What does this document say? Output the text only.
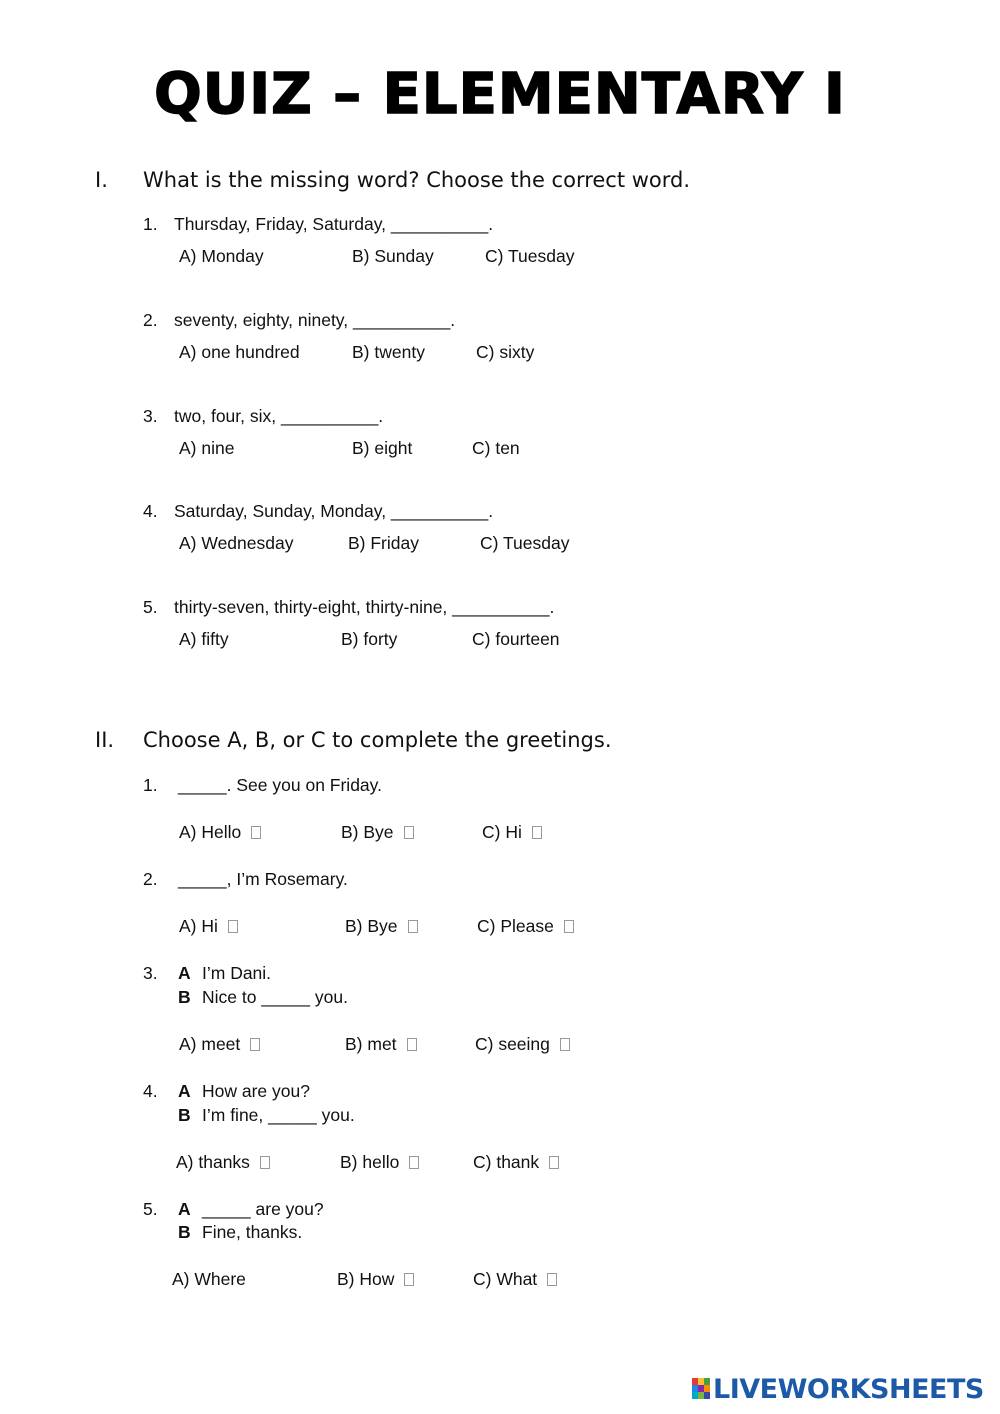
QUIZ – ELEMENTARY I
I.	What is the missing word? Choose the correct word.
1. Thursday, Friday, Saturday, __________.
A) Monday	B) Sunday	C) Tuesday
2. seventy, eighty, ninety, __________.
A) one hundred	B) twenty	C) sixty
3. two, four, six, __________.
A) nine	B) eight	C) ten
4. Saturday, Sunday, Monday, __________.
A) Wednesday	B) Friday	C) Tuesday
5. thirty-seven, thirty-eight, thirty-nine, __________.
A) fifty	B) forty	C) fourteen
II.	Choose A, B, or C to complete the greetings.
1. _____. See you on Friday.
A) Hello	B) Bye	C) Hi
2. _____, I’m Rosemary.
A) Hi	B) Bye	C) Please
3. A I’m Dani.
B Nice to _____ you.
A) meet	B) met	C) seeing
4. A How are you?
B I’m fine, _____ you.
A) thanks	B) hello	C) thank
5. A _____ are you?
B Fine, thanks.
A) Where	B) How	C) What
LIVEWORKSHEETS
